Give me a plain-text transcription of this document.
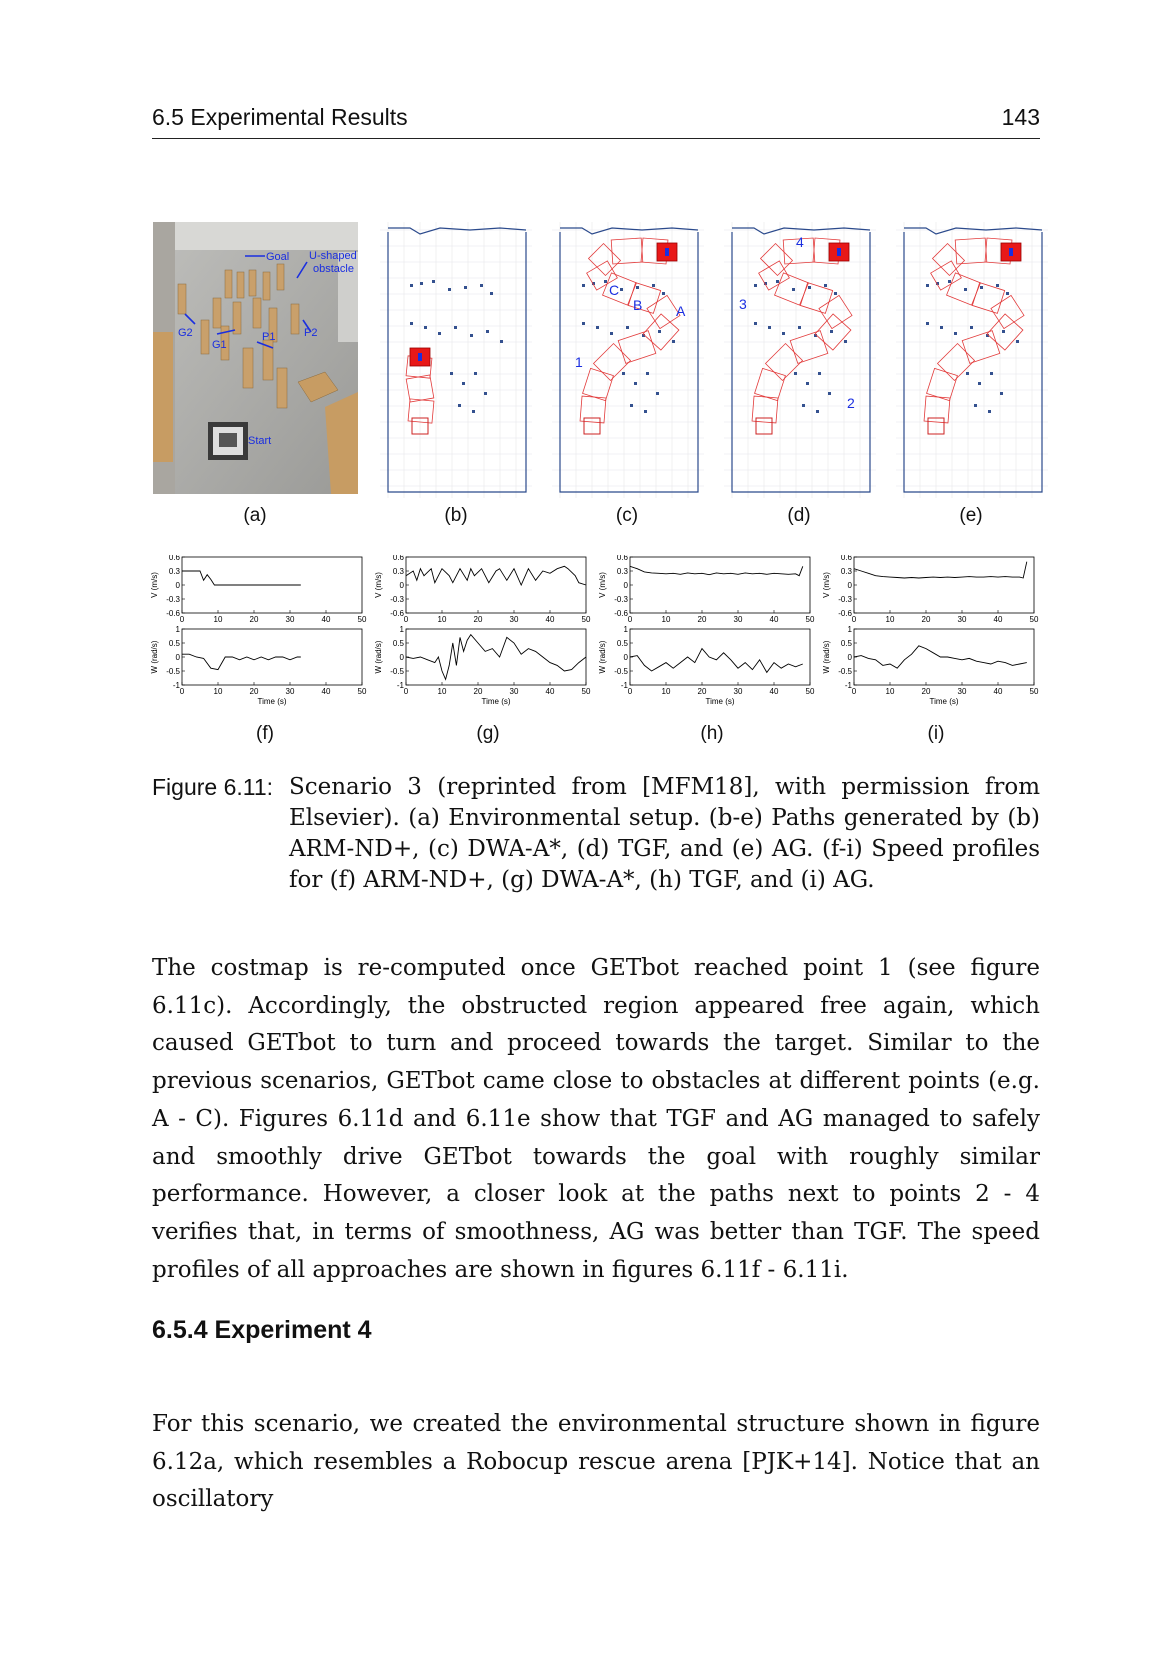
6.5 Experimental Results	143
Goal U-shaped
obstacle
G2
G1
P1	P2
Start
1
A
B
C
2
3
4
(a)	(b)	(c)	(d)	(e)
0.6
0.3
0
-0.3
-0.6
0	10	20	30	40	50
V (m/s)
1
0.5
0
-0.5
-1
0	10	20	30	40	50
W (rad/s)
Time (s)
0.6
0.3
0
-0.3
-0.6
0	10	20	30	40	50
V (m/s)
1
0.5
0
-0.5
-1
0	10	20	30	40	50
W (rad/s)
Time (s)
0.6
0.3
0
-0.3
-0.6
0	10	20	30	40	50
V (m/s)
1
0.5
0
-0.5
-1
0	10	20	30	40	50
W (rad/s)
Time (s)
0.6
0.3
0
-0.3
-0.6
0	10	20	30	40	50
V (m/s)
1
0.5
0
-0.5
-1
0	10	20	30	40	50
W (rad/s)
Time (s)
(f)	(g)	(h)	(i)
Figure 6.11: Scenario 3 (reprinted from [MFM18], with permission from Elsevier). (a) Environmental setup. (b-e) Paths generated by (b) ARM-ND+, (c) DWA-A*, (d) TGF, and (e) AG. (f-i) Speed profiles for (f) ARM-ND+, (g) DWA-A*, (h) TGF, and (i) AG.
The costmap is re-computed once GETbot reached point 1 (see figure 6.11c). Accordingly, the obstructed region appeared free again, which caused GETbot to turn and proceed towards the target. Similar to the previous scenarios, GETbot came close to obstacles at different points (e.g. A - C). Figures 6.11d and 6.11e show that TGF and AG managed to safely and smoothly drive GETbot towards the goal with roughly similar performance. However, a closer look at the paths next to points 2 - 4 verifies that, in terms of smoothness, AG was better than TGF. The speed profiles of all approaches are shown in figures 6.11f - 6.11i.
6.5.4 Experiment 4
For this scenario, we created the environmental structure shown in figure 6.12a, which resembles a Robocup rescue arena [PJK+14]. Notice that an oscillatory
